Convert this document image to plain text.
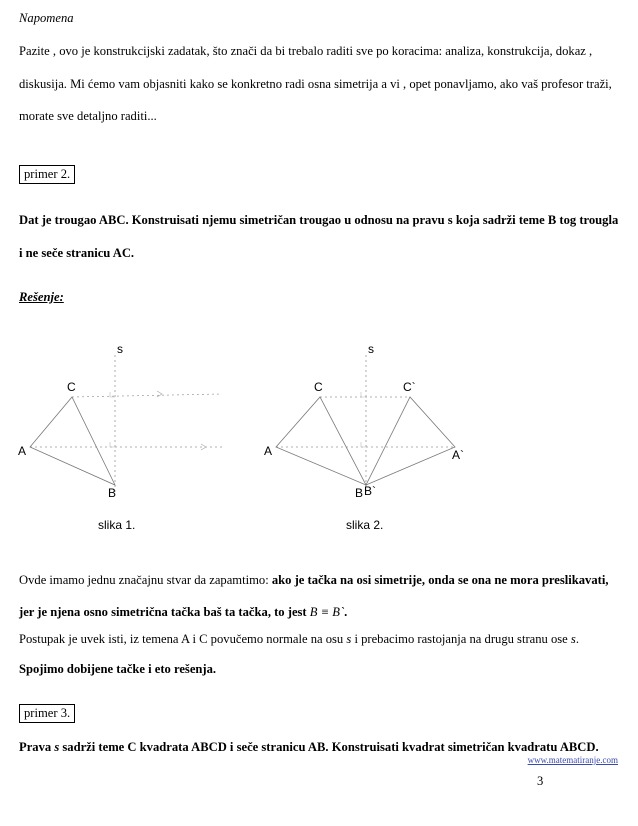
Napomena
Pazite , ovo je konstrukcijski zadatak, što znači da bi trebalo raditi sve po koracima: analiza, konstrukcija, dokaz ,
diskusija. Mi ćemo vam objasniti kako se konkretno radi osna simetrija a vi , opet ponavljamo, ako vaš profesor traži,
morate sve detaljno raditi...
primer 2.
Dat je trougao ABC. Konstruisati njemu simetričan trougao u odnosu na pravu s koja sadrži teme B tog trougla
i ne seče stranicu AC.
Rešenje:
s
C
A
B
slika 1.
s
C	C`
A	A`
B B`
slika 2.
Ovde imamo jednu značajnu stvar da zapamtimo: ako je tačka na osi simetrije, onda se ona ne mora preslikavati,
jer je njena osno simetrična tačka baš ta tačka, to jest B ≡ B`.
Postupak je uvek isti, iz temena A i C povučemo normale na osu s i prebacimo rastojanja na drugu stranu ose s.
Spojimo dobijene tačke i eto rešenja.
primer 3.
Prava s sadrži teme C kvadrata ABCD i seče stranicu AB. Konstruisati kvadrat simetričan kvadratu ABCD.
www.matematiranje.com
3
